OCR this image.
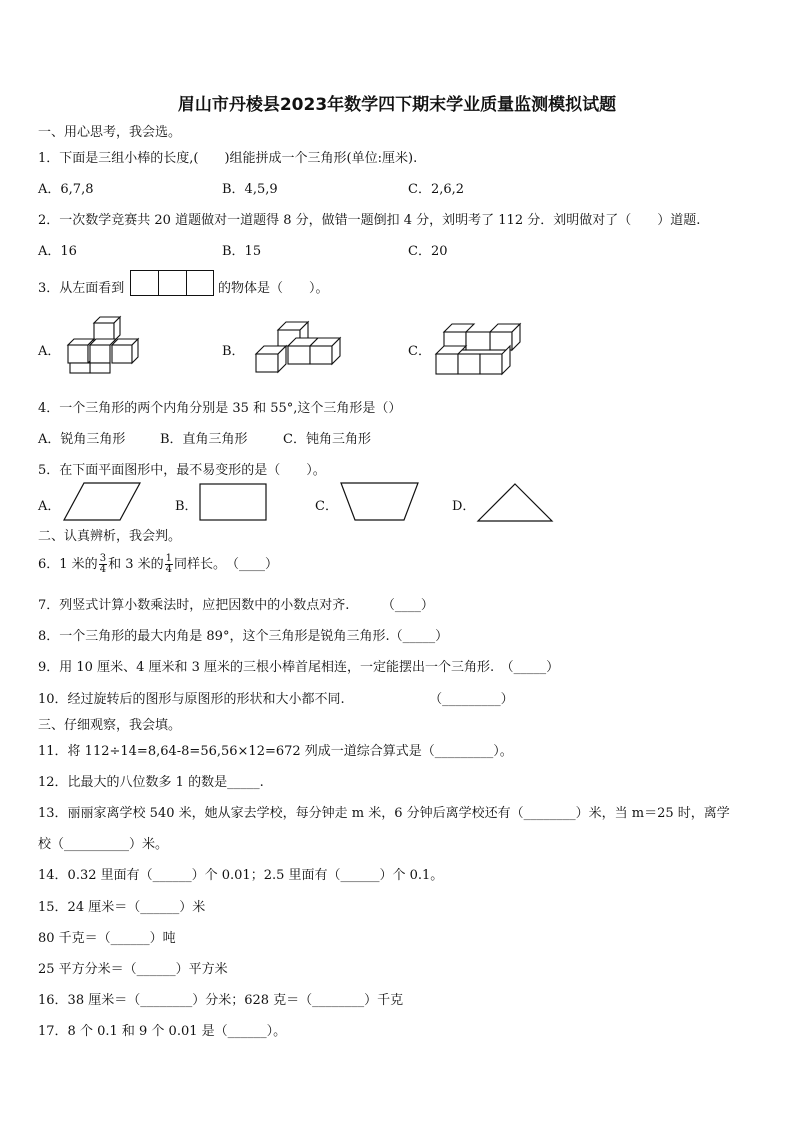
眉山市丹棱县2023年数学四下期末学业质量监测模拟试题
一、用心思考，我会选。
1．下面是三组小棒的长度,(　　)组能拼成一个三角形(单位:厘米).
A．6,7,8	B．4,5,9	C．2,6,2
2．一次数学竞赛共 20 道题做对一道题得 8 分，做错一题倒扣 4 分，刘明考了 112 分．刘明做对了（　　）道题.
A．16	B．15	C．20
3．从左面看到	的物体是（　　）。
A．	B．	C．
4．一个三角形的两个内角分别是 35 和 55°,这个三角形是（）
A．锐角三角形	B．直角三角形	C．钝角三角形
5．在下面平面图形中，最不易变形的是（　　）。
A．	B．	C．	D．
二、认真辨析，我会判。
6．1 米的 $\frac{3}{4}$ 和 3 米的 $\frac{1}{4}$ 同样长。　（____）
7．列竖式计算小数乘法时，应把因数中的小数点对齐.　　　（____）
8．一个三角形的最大内角是 89°，这个三角形是锐角三角形.（_____）
9．用 10 厘米、4 厘米和 3 厘米的三根小棒首尾相连，一定能摆出一个三角形.　（_____）
10．经过旋转后的图形与原图形的形状和大小都不同.　　　　　　　（_________）
三、仔细观察，我会填。
11．将 112÷14=8,64-8=56,56×12=672 列成一道综合算式是（_________）。
12．比最大的八位数多 1 的数是_____.
13．丽丽家离学校 540 米，她从家去学校，每分钟走 m 米，6 分钟后离学校还有（________）米，当 m＝25 时，离学
校（__________）米。
14．0.32 里面有（______）个 0.01；2.5 里面有（______）个 0.1。
15．24 厘米＝（______）米
80 千克＝（______）吨
25 平方分米＝（______）平方米
16．38 厘米＝（________）分米；628 克＝（________）千克
17．8 个 0.1 和 9 个 0.01 是（______）。
